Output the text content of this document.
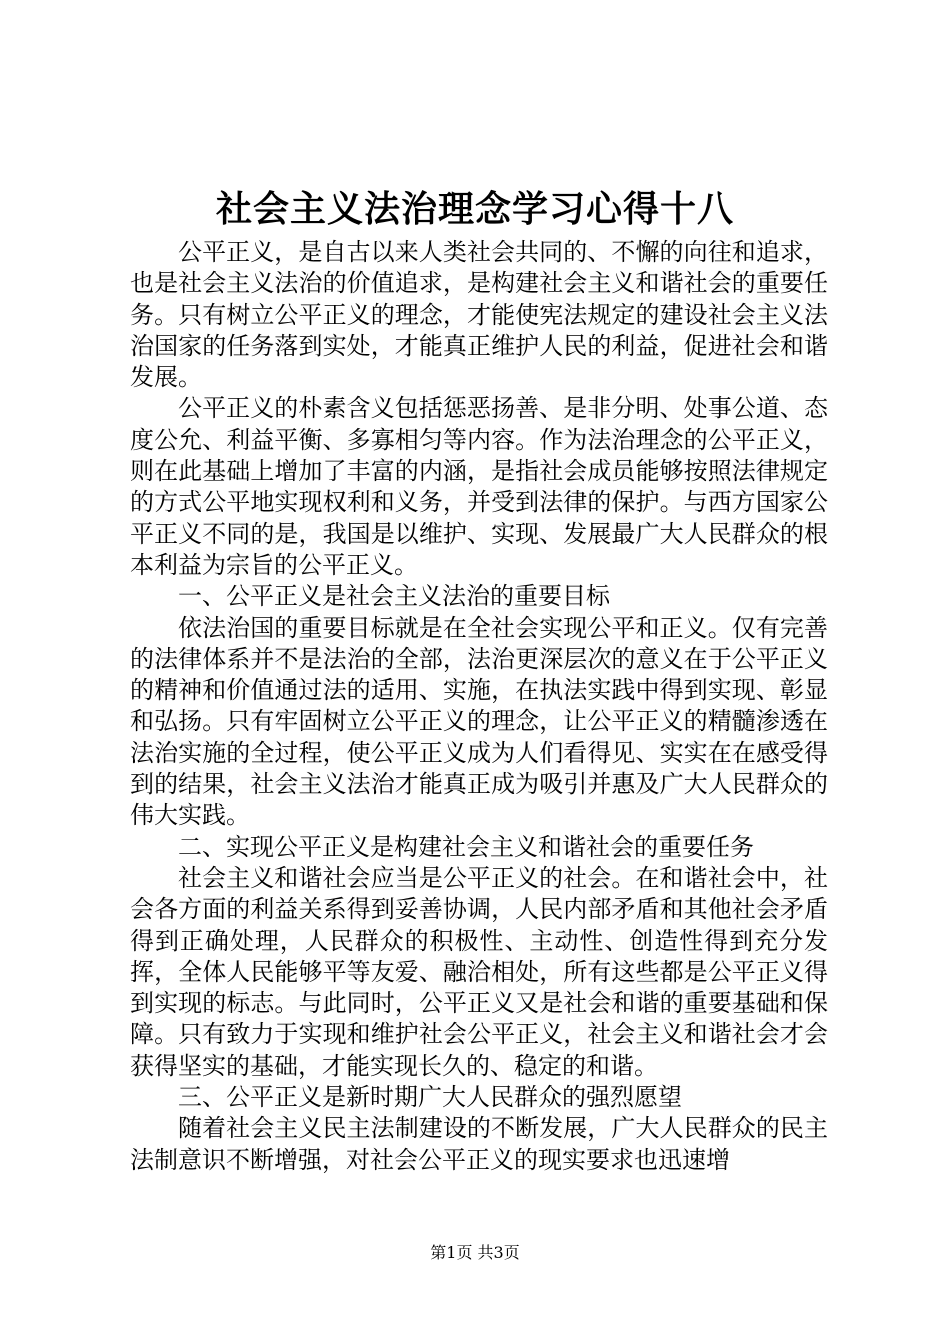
社会主义法治理念学习心得十八

公平正义，是自古以来人类社会共同的、不懈的向往和追求，也是社会主义法治的价值追求，是构建社会主义和谐社会的重要任务。只有树立公平正义的理念，才能使宪法规定的建设社会主义法治国家的任务落到实处，才能真正维护人民的利益，促进社会和谐发展。

公平正义的朴素含义包括惩恶扬善、是非分明、处事公道、态度公允、利益平衡、多寡相匀等内容。作为法治理念的公平正义，则在此基础上增加了丰富的内涵，是指社会成员能够按照法律规定的方式公平地实现权利和义务，并受到法律的保护。与西方国家公平正义不同的是，我国是以维护、实现、发展最广大人民群众的根本利益为宗旨的公平正义。

一、公平正义是社会主义法治的重要目标

依法治国的重要目标就是在全社会实现公平和正义。仅有完善的法律体系并不是法治的全部，法治更深层次的意义在于公平正义的精神和价值通过法的适用、实施，在执法实践中得到实现、彰显和弘扬。只有牢固树立公平正义的理念，让公平正义的精髓渗透在法治实施的全过程，使公平正义成为人们看得见、实实在在感受得到的结果，社会主义法治才能真正成为吸引并惠及广大人民群众的伟大实践。

二、实现公平正义是构建社会主义和谐社会的重要任务

社会主义和谐社会应当是公平正义的社会。在和谐社会中，社会各方面的利益关系得到妥善协调，人民内部矛盾和其他社会矛盾得到正确处理，人民群众的积极性、主动性、创造性得到充分发挥，全体人民能够平等友爱、融洽相处，所有这些都是公平正义得到实现的标志。与此同时，公平正义又是社会和谐的重要基础和保障。只有致力于实现和维护社会公平正义，社会主义和谐社会才会获得坚实的基础，才能实现长久的、稳定的和谐。

三、公平正义是新时期广大人民群众的强烈愿望

随着社会主义民主法制建设的不断发展，广大人民群众的民主法制意识不断增强，对社会公平正义的现实要求也迅速增

第1页 共3页
